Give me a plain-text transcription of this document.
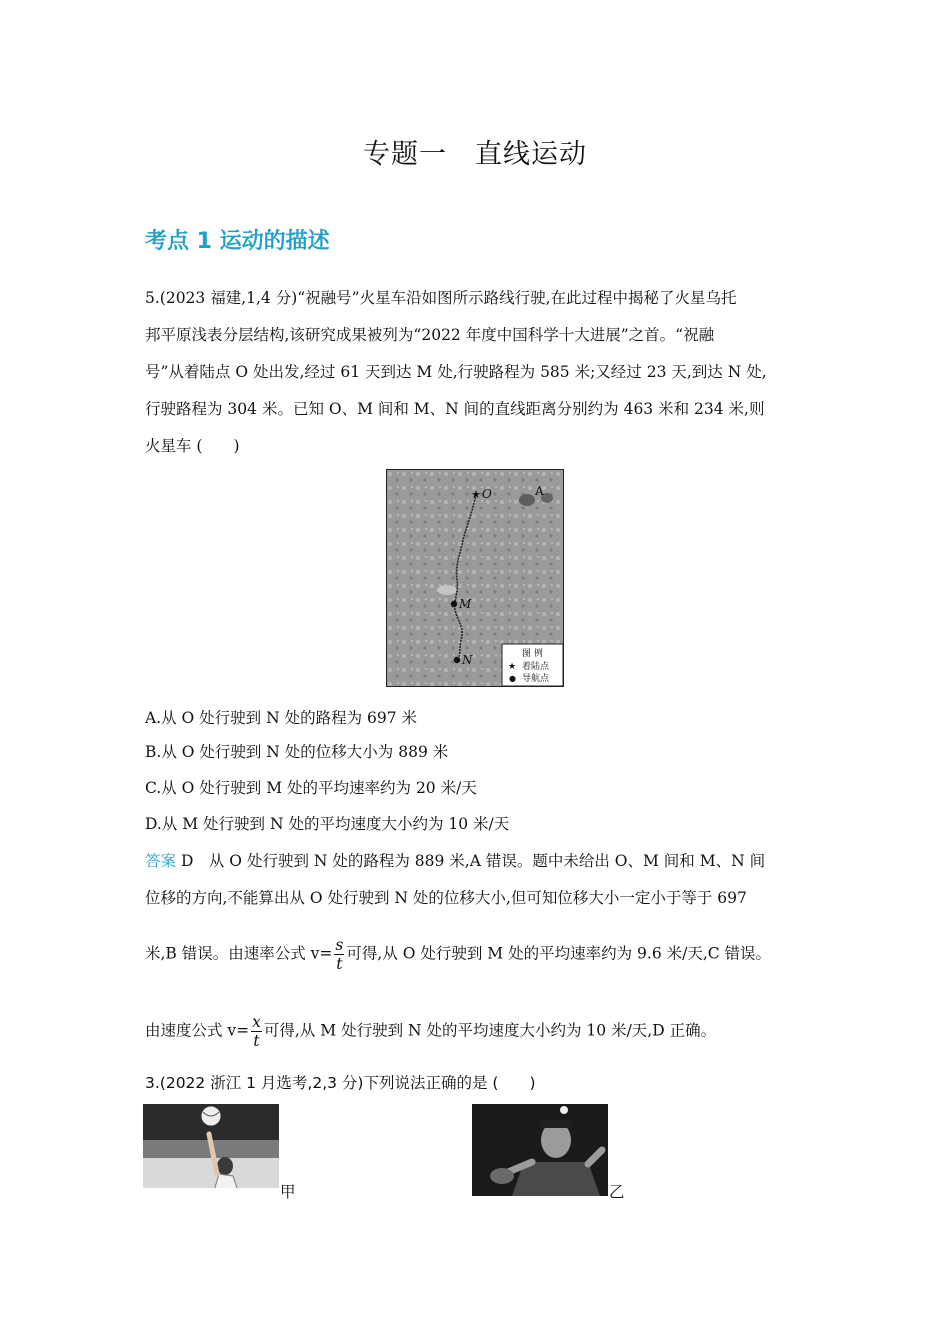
专题一　直线运动
考点 1 运动的描述
5.(2023 福建,1,4 分)“祝融号”火星车沿如图所示路线行驶,在此过程中揭秘了火星乌托
邦平原浅表分层结构,该研究成果被列为“2022 年度中国科学十大进展”之首。“祝融
号”从着陆点 O 处出发,经过 61 天到达 M 处,行驶路程为 585 米;又经过 23 天,到达 N 处,
行驶路程为 304 米。已知 O、M 间和 M、N 间的直线距离分别约为 463 米和 234 米,则
火星车 (　　)
★ O
M
N
A
图 例
★ 着陆点
● 导航点
A.从 O 处行驶到 N 处的路程为 697 米
B.从 O 处行驶到 N 处的位移大小为 889 米
C.从 O 处行驶到 M 处的平均速率约为 20 米/天
D.从 M 处行驶到 N 处的平均速度大小约为 10 米/天
答案 D　从 O 处行驶到 N 处的路程为 889 米,A 错误。题中未给出 O、M 间和 M、N 间
位移的方向,不能算出从 O 处行驶到 N 处的位移大小,但可知位移大小一定小于等于 697
米,B 错误。由速率公式 $v= \frac{s}{t}$ 可得,从 O 处行驶到 M 处的平均速率约为 9.6 米/天,C 错误。
由速度公式 $v= \frac{x}{t}$ 可得,从 M 处行驶到 N 处的平均速度大小约为 10 米/天,D 正确。
3.(2022 浙江 1 月选考,2,3 分)下列说法正确的是 (　　)
甲	乙
